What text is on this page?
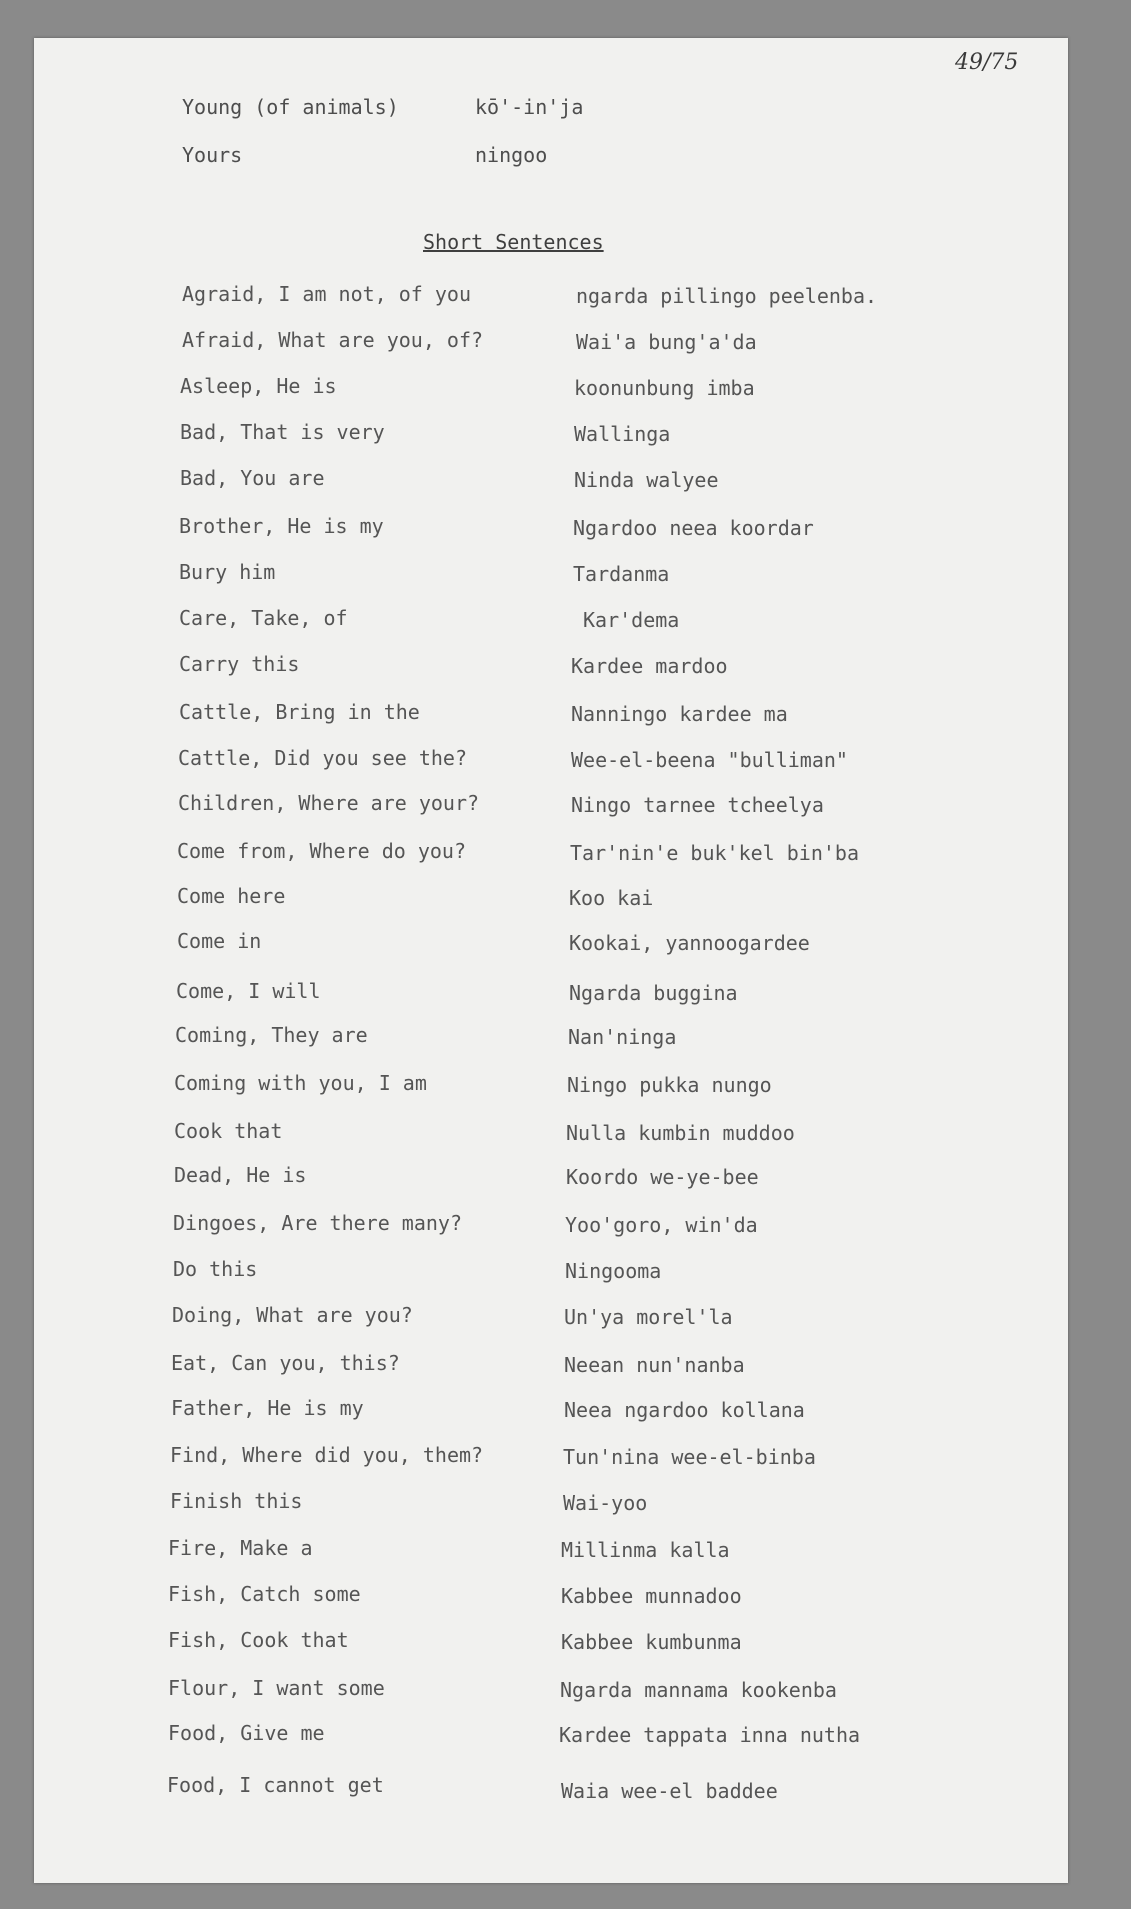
49/75
Young (of animals)	kō'-in'ja
Yours	ningoo
Short Sentences
Agraid, I am not, of you	ngarda pillingo peelenba.
Afraid, What are you, of?	Wai'a bung'a'da
Asleep, He is	koonunbung imba
Bad, That is very	Wallinga
Bad, You are	Ninda walyee
Brother, He is my	Ngardoo neea koordar
Bury him	Tardanma
Care, Take, of	Kar'dema
Carry this	Kardee mardoo
Cattle, Bring in the	Nanningo kardee ma
Cattle, Did you see the?	Wee-el-beena "bulliman"
Children, Where are your?	Ningo tarnee tcheelya
Come from, Where do you?	Tar'nin'e buk'kel bin'ba
Come here	Koo kai
Come in	Kookai, yannoogardee
Come, I will	Ngarda buggina
Coming, They are	Nan'ninga
Coming with you, I am	Ningo pukka nungo
Cook that	Nulla kumbin muddoo
Dead, He is	Koordo we-ye-bee
Dingoes, Are there many?	Yoo'goro, win'da
Do this	Ningooma
Doing, What are you?	Un'ya morel'la
Eat, Can you, this?	Neean nun'nanba
Father, He is my	Neea ngardoo kollana
Find, Where did you, them?	Tun'nina wee-el-binba
Finish this	Wai-yoo
Fire, Make a	Millinma kalla
Fish, Catch some	Kabbee munnadoo
Fish, Cook that	Kabbee kumbunma
Flour, I want some	Ngarda mannama kookenba
Food, Give me	Kardee tappata inna nutha
Food, I cannot get	Waia wee-el baddee
